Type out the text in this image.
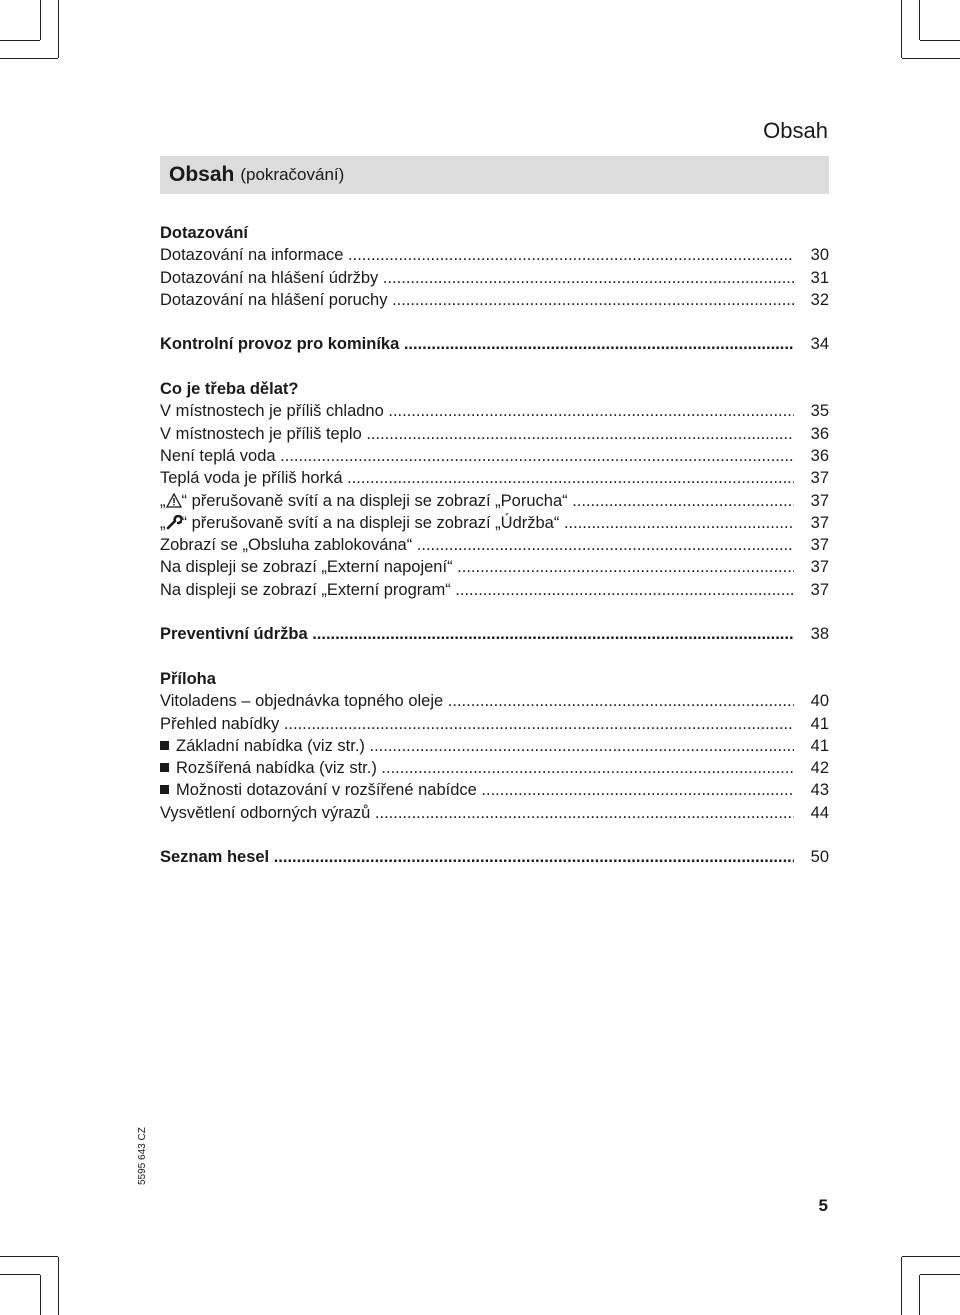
Obsah
Obsah (pokračování)
Dotazování
Dotazování na informace .....	30
Dotazování na hlášení údržby .....	31
Dotazování na hlášení poruchy .....	32
Kontrolní provoz pro kominíka .....	34
Co je třeba dělat?
V místnostech je příliš chladno .....	35
V místnostech je příliš teplo .....	36
Není teplá voda .....	36
Teplá voda je příliš horká .....	37
„ “ přerušovaně svítí a na displeji se zobrazí „Porucha“ .....	37
„ “ přerušovaně svítí a na displeji se zobrazí „Údržba“ .....	37
Zobrazí se „Obsluha zablokována“ .....	37
Na displeji se zobrazí „Externí napojení“ .....	37
Na displeji se zobrazí „Externí program“ .....	37
Preventivní údržba .....	38
Příloha
Vitoladens – objednávka topného oleje .....	40
Přehled nabídky .....	41
Základní nabídka (viz str.) .....	41
Rozšířená nabídka (viz str.) .....	42
Možnosti dotazování v rozšířené nabídce .....	43
Vysvětlení odborných výrazů .....	44
Seznam hesel .....	50
5595 643 CZ
5
